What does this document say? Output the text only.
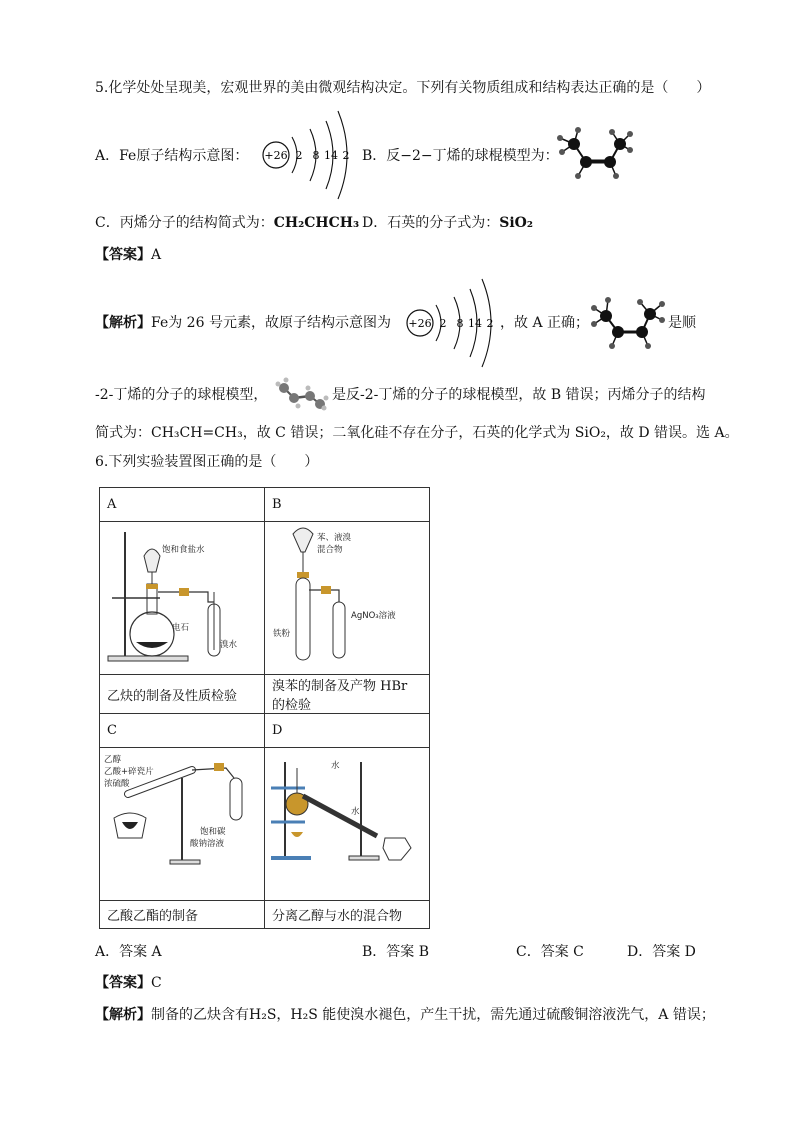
5.化学处处呈现美，宏观世界的美由微观结构决定。下列有关物质组成和结构表达正确的是（　　）
A．Fe原子结构示意图： +26 2 8 14 2 B．反−2−丁烯的球棍模型为：
C．丙烯分子的结构简式为：CH₂CHCH₃ D．石英的分子式为：SiO₂
【答案】A
【解析】Fe为 26 号元素，故原子结构示意图为 +26 2 8 14 2 ，故 A 正确；	是顺
-2-丁烯的分子的球棍模型，	是反-2-丁烯的分子的球棍模型，故 B 错误；丙烯分子的结构
简式为：CH₃CH=CH₃，故 C 错误；二氧化硅不存在分子，石英的化学式为 SiO₂，故 D 错误。选 A。
6.下列实验装置图正确的是（　　）
A	B

饱和食盐水
电石
溴水	苯、液溴
混合物
铁粉
AgNO₃溶液

乙炔的制备及性质检验	溴苯的制备及产物 HBr 的检验
C	D

乙醇
乙酸+碎瓷片
浓硫酸
饱和碳
酸钠溶液	水
水

乙酸乙酯的制备	分离乙醇与水的混合物
A．答案 A	B．答案 B	C．答案 C	D．答案 D
【答案】C
【解析】制备的乙炔含有H₂S，H₂S 能使溴水褪色，产生干扰，需先通过硫酸铜溶液洗气，A 错误；
